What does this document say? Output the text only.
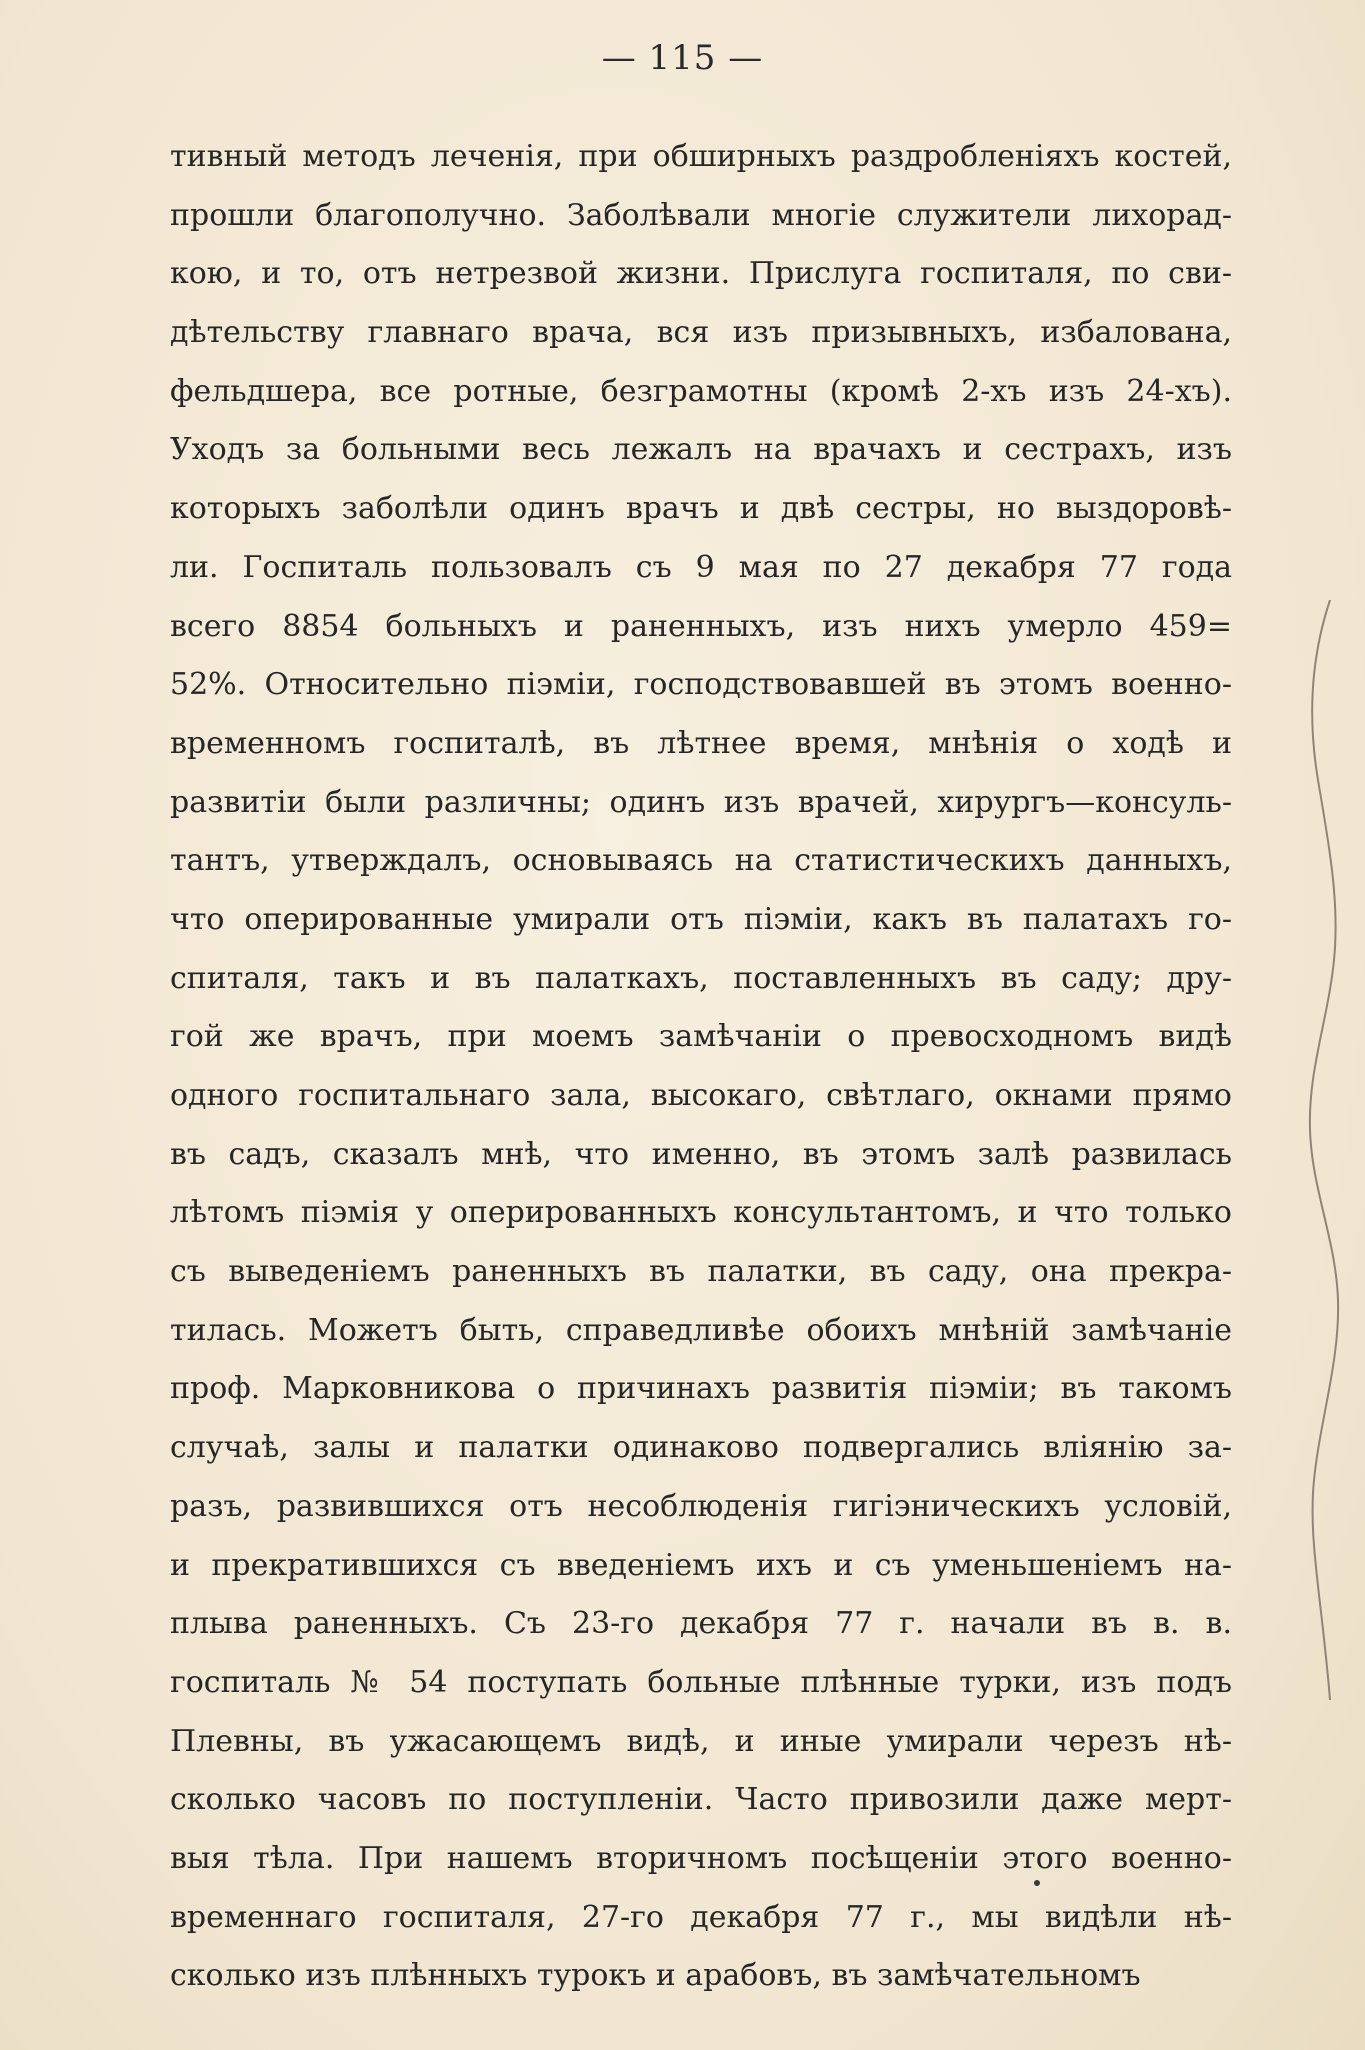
— 115 —
тивный методъ леченія, при обширныхъ раздробленіяхъ костей,
прошли благополучно. Заболѣвали многіе служители лихорад-
кою, и то, отъ нетрезвой жизни. Прислуга госпиталя, по сви-
дѣтельству главнаго врача, вся изъ призывныхъ, избалована,
фельдшера, все ротные, безграмотны (кромѣ 2-хъ изъ 24-хъ).
Уходъ за больными весь лежалъ на врачахъ и сестрахъ, изъ
которыхъ заболѣли одинъ врачъ и двѣ сестры, но выздоровѣ-
ли. Госпиталь пользовалъ съ 9 мая по 27 декабря 77 года
всего 8854 больныхъ и раненныхъ, изъ нихъ умерло 459=
52%. Относительно піэміи, господствовавшей въ этомъ военно-
временномъ госпиталѣ, въ лѣтнее время, мнѣнія о ходѣ и
развитіи были различны; одинъ изъ врачей, хирургъ—консуль-
тантъ, утверждалъ, основываясь на статистическихъ данныхъ,
что оперированные умирали отъ піэміи, какъ въ палатахъ го-
спиталя, такъ и въ палаткахъ, поставленныхъ въ саду; дру-
гой же врачъ, при моемъ замѣчаніи о превосходномъ видѣ
одного госпитальнаго зала, высокаго, свѣтлаго, окнами прямо
въ садъ, сказалъ мнѣ, что именно, въ этомъ залѣ развилась
лѣтомъ піэмія у оперированныхъ консультантомъ, и что только
съ выведеніемъ раненныхъ въ палатки, въ саду, она прекра-
тилась. Можетъ быть, справедливѣе обоихъ мнѣній замѣчаніе
проф. Марковникова о причинахъ развитія піэміи; въ такомъ
случаѣ, залы и палатки одинаково подвергались вліянію за-
разъ, развившихся отъ несоблюденія гигіэническихъ условій,
и прекратившихся съ введеніемъ ихъ и съ уменьшеніемъ на-
плыва раненныхъ. Съ 23-го декабря 77 г. начали въ в. в.
госпиталь № 54 поступать больные плѣнные турки, изъ подъ
Плевны, въ ужасающемъ видѣ, и иные умирали черезъ нѣ-
сколько часовъ по поступленіи. Часто привозили даже мерт-
выя тѣла. При нашемъ вторичномъ посѣщеніи этого военно-
временнаго госпиталя, 27-го декабря 77 г., мы видѣли нѣ-
сколько изъ плѣнныхъ турокъ и арабовъ, въ замѣчательномъ
